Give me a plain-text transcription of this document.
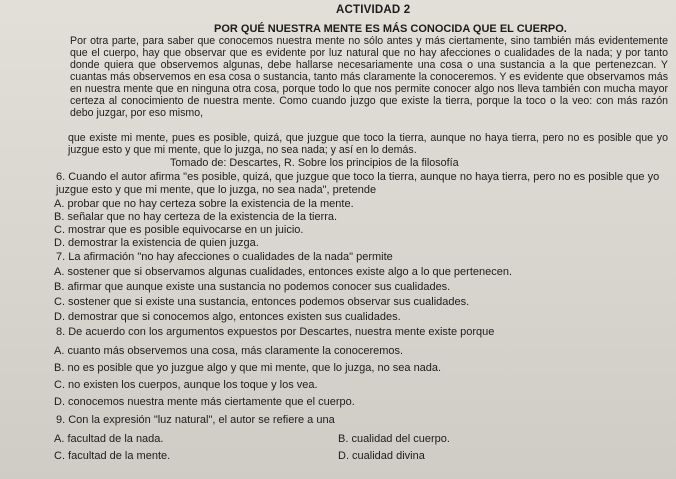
ACTIVIDAD 2
POR QUÉ NUESTRA MENTE ES MÁS CONOCIDA QUE EL CUERPO.
Por otra parte, para saber que conocemos nuestra mente no sólo antes y más ciertamente, sino también más evidentemente que el cuerpo, hay que observar que es evidente por luz natural que no hay afecciones o cualidades de la nada; y por tanto donde quiera que observemos algunas, debe hallarse necesariamente una cosa o una sustancia a la que pertenezcan. Y cuantas más observemos en esa cosa o sustancia, tanto más claramente la conoceremos. Y es evidente que observamos más en nuestra mente que en ninguna otra cosa, porque todo lo que nos permite conocer algo nos lleva también con mucha mayor certeza al conocimiento de nuestra mente. Como cuando juzgo que existe la tierra, porque la toco o la veo: con más razón debo juzgar, por eso mismo,
que existe mi mente, pues es posible, quizá, que juzgue que toco la tierra, aunque no haya tierra, pero no es posible que yo juzgue esto y que mi mente, que lo juzga, no sea nada; y así en lo demás.
Tomado de: Descartes, R. Sobre los principios de la filosofía
6. Cuando el autor afirma "es posible, quizá, que juzgue que toco la tierra, aunque no haya tierra, pero no es posible que yo juzgue esto y que mi mente, que lo juzga, no sea nada", pretende
A. probar que no hay certeza sobre la existencia de la mente.
B. señalar que no hay certeza de la existencia de la tierra.
C. mostrar que es posible equivocarse en un juicio.
D. demostrar la existencia de quien juzga.
7. La afirmación "no hay afecciones o cualidades de la nada" permite
A. sostener que si observamos algunas cualidades, entonces existe algo a lo que pertenecen.
B. afirmar que aunque existe una sustancia no podemos conocer sus cualidades.
C. sostener que si existe una sustancia, entonces podemos observar sus cualidades.
D. demostrar que si conocemos algo, entonces existen sus cualidades.
8. De acuerdo con los argumentos expuestos por Descartes, nuestra mente existe porque
A. cuanto más observemos una cosa, más claramente la conoceremos.
B. no es posible que yo juzgue algo y que mi mente, que lo juzga, no sea nada.
C. no existen los cuerpos, aunque los toque y los vea.
D. conocemos nuestra mente más ciertamente que el cuerpo.
9. Con la expresión "luz natural", el autor se refiere a una
A. facultad de la nada.	B. cualidad del cuerpo.
C. facultad de la mente.	D. cualidad divina
